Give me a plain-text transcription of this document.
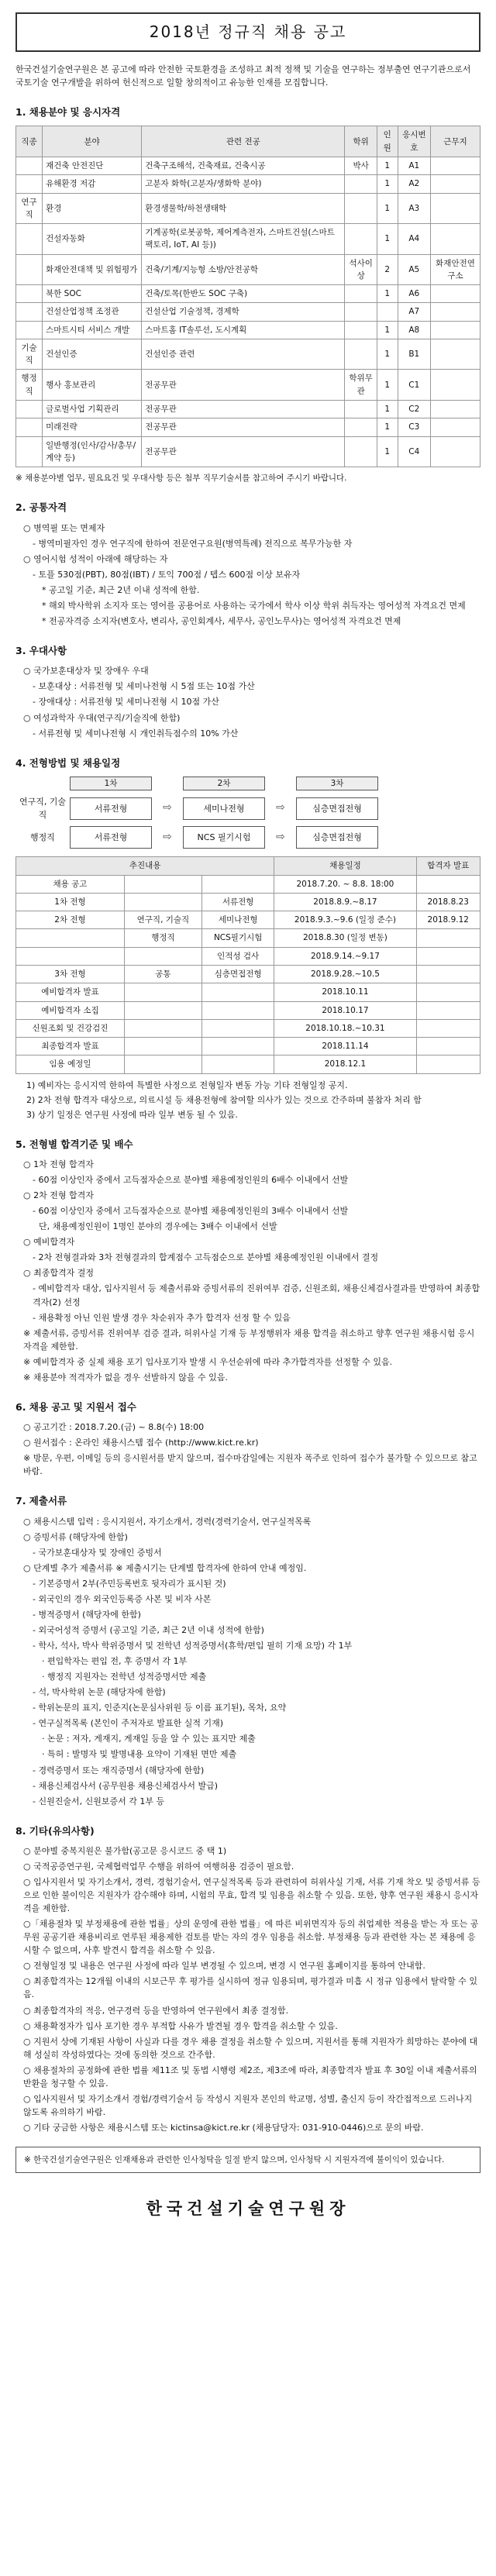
2018년 정규직 채용 공고

한국건설기술연구원은 본 공고에 따라 안전한 국토환경을 조성하고 최적 정책 및 기술을 연구하는 정부출연 연구기관으로서 국토기술 연구개발을 위하여 헌신적으로 일할 창의적이고 유능한 인재를 모집합니다.

1. 채용분야 및 응시자격
직종	분야	관련 전공	학위	인원	응시번호	근무지
	재건축 안전진단	건축구조해석, 건축재료, 건축시공	박사	1	A1	
	유해환경 저감	고분자 화학(고분자/생화학 분야)		1	A2	
연구직	환경	환경생물학/하천생태학		1	A3	
	건설자동화	기계공학(로봇공학, 제어계측전자, 스마트건설(스마트팩토리, IoT, AI 등))		1	A4	
	화재안전대책 및 위험평가	건축/기계/지능형 소방/안전공학	석사이상	2	A5	화재안전연구소
	북한 SOC	건축/토목(한반도 SOC 구축)		1	A6	
	건설산업정책 조정관	건설산업 기술정책, 경제학			A7	
	스마트시티 서비스 개발	스마트홈 IT솔루션, 도시계획		1	A8	
기술직	건설인증	건설인증 관련		1	B1	
행정직	행사 홍보관리	전공무관	학위무관	1	C1	
	글로벌사업 기획관리	전공무관		1	C2	
	미래전략	전공무관		1	C3	
	일반행정(인사/감사/총무/계약 등)	전공무관		1	C4	

※ 채용분야별 업무, 필요요건 및 우대사항 등은 첨부 직무기술서를 참고하여 주시기 바랍니다.

2. 공통자격
○ 병역필 또는 면제자
- 병역미필자인 경우 연구직에 한하여 전문연구요원(병역특례) 전직으로 복무가능한 자
○ 영어시험 성적이 아래에 해당하는 자
- 토플 530점(PBT), 80점(IBT) / 토익 700점 / 텝스 600점 이상 보유자
* 공고일 기준, 최근 2년 이내 성적에 한함.
* 해외 박사학위 소지자 또는 영어를 공용어로 사용하는 국가에서 학사 이상 학위 취득자는 영어성적 자격요건 면제
* 전공자격증 소지자(변호사, 변리사, 공인회계사, 세무사, 공인노무사)는 영어성적 자격요건 면제
3. 우대사항
○ 국가보훈대상자 및 장애우 우대
- 보훈대상 : 서류전형 및 세미나전형 시 5점 또는 10점 가산
- 장애대상 : 서류전형 및 세미나전형 시 10점 가산
○ 여성과학자 우대(연구직/기술직에 한함)
- 서류전형 및 세미나전형 시 개인취득점수의 10% 가산
4. 전형방법 및 채용일정
1차	2차	3차
연구직, 기술직
서류전형	⇨	세미나전형	⇨	심층면접전형
행정직	서류전형	⇨	NCS 필기시험	⇨	심층면접전형
추진내용			채용일정	합격자 발표
채용 공고			2018.7.20. ~ 8.8. 18:00	
1차 전형		서류전형	2018.8.9.~8.17	2018.8.23
2차 전형	연구직, 기술직	세미나전형	2018.9.3.~9.6 (일정 준수)	2018.9.12
	행정직	NCS필기시험	2018.8.30 (일정 변동)	
		인적성 검사	2018.9.14.~9.17	
3차 전형	공통	심층면접전형	2018.9.28.~10.5	
예비합격자 발표			2018.10.11	
예비합격자 소집			2018.10.17	
신원조회 및 건강검진			2018.10.18.~10.31	
최종합격자 발표			2018.11.14	
임용 예정일			2018.12.1	
1) 예비자는 응시지역 한하여 특별한 사정으로 전형일자 변동 가능 기타 전형일정 공지.
2) 2차 전형 합격자 대상으로, 의료시설 등 채용전형에 참여할 의사가 있는 것으로 간주하며 불참자 처리 함
3) 상기 일정은 연구원 사정에 따라 일부 변동 될 수 있음.
5. 전형별 합격기준 및 배수
○ 1차 전형 합격자
- 60점 이상인자 중에서 고득점자순으로 분야별 채용예정인원의 6배수 이내에서 선발
○ 2차 전형 합격자
- 60점 이상인자 중에서 고득점자순으로 분야별 채용예정인원의 3배수 이내에서 선발
단, 채용예정인원이 1명인 분야의 경우에는 3배수 이내에서 선발
○ 예비합격자
- 2차 전형결과와 3차 전형결과의 합계점수 고득점순으로 분야별 채용예정인원 이내에서 결정
○ 최종합격자 결정
- 예비합격자 대상, 입사지원서 등 제출서류와 증빙서류의 진위여부 검증, 신원조회, 채용신체검사결과를 반영하여 최종합격자(2) 선정
- 채용확정 아닌 인원 발생 경우 차순위자 추가 합격자 선정 할 수 있음
※ 제출서류, 증빙서류 진위여부 검증 결과, 허위사실 기재 등 부정행위자 채용 합격을 취소하고 향후 연구원 채용시험 응시자격을 제한함.
※ 예비합격자 중 실제 채용 포기 입사포기자 발생 시 우선순위에 따라 추가합격자를 선정할 수 있음.
※ 채용분야 적격자가 없을 경우 선발하지 않을 수 있음.
6. 채용 공고 및 지원서 접수
○ 공고기간 : 2018.7.20.(금) ~ 8.8(수) 18:00
○ 원서접수 : 온라인 채용시스템 접수 (http://www.kict.re.kr)
※ 방문, 우편, 이메일 등의 응시원서를 받지 않으며, 접수마감일에는 지원자 폭주로 인하여 접수가 불가할 수 있으므로 참고 바람.
7. 제출서류
○ 채용시스템 입력 : 응시지원서, 자기소개서, 경력(경력기술서, 연구실적목록
○ 증빙서류 (해당자에 한함)
- 국가보훈대상자 및 장애인 증빙서
○ 단계별 추가 제출서류 ※ 제출시기는 단계별 합격자에 한하여 안내 예정임.
- 기본증명서 2부(주민등록번호 뒷자리가 표시된 것)
- 외국인의 경우 외국인등록증 사본 및 비자 사본
- 병적증명서 (해당자에 한함)
- 외국어성적 증명서 (공고일 기준, 최근 2년 이내 성적에 한함)
- 학사, 석사, 박사 학위증명서 및 전학년 성적증명서(휴학/편입 필히 기재 요망) 각 1부
· 편입학자는 편입 전, 후 증명서 각 1부
· 행정직 지원자는 전학년 성적증명서만 제출
- 석, 박사학위 논문 (해당자에 한함)
- 학위논문의 표지, 인준지(논문심사위원 등 이름 표기된), 목차, 요약
- 연구실적목록 (본인이 주저자로 발표한 실적 기재)
· 논문 : 저자, 게재지, 게재일 등을 알 수 있는 표지만 제출
· 특허 : 발명자 및 발명내용 요약이 기재된 면만 제출
- 경력증명서 또는 재직증명서 (해당자에 한함)
- 채용신체검사서 (공무원용 채용신체검사서 발급)
- 신원진술서, 신원보증서 각 1부 등
8. 기타(유의사항)
○ 분야별 중복지원은 불가함(공고문 응시코드 중 택 1)
○ 국적공증연구원, 국제협력업무 수행을 위하여 여행허용 검증이 필요함.
○ 입사지원서 및 자기소개서, 경력, 경험기술서, 연구실적목록 등과 관련하여 허위사실 기재, 서류 기재 착오 및 증빙서류 등으로 인한 불이익은 지원자가 감수해야 하며, 시험의 무효, 합격 및 임용을 취소할 수 있음. 또한, 향후 연구원 채용시 응시자격을 제한함.
○「채용절차 및 부정채용에 관한 법률」상의 운영에 관한 법률」에 따른 비위면직자 등의 취업제한 적용을 받는 자 또는 공무원 공공기관 채용비리로 연루된 채용제한 검토를 받는 자의 경우 임용을 취소함. 부정채용 등과 관련한 자는 본 채용에 응시할 수 없으며, 사후 발견시 합격을 취소할 수 있음.
○ 전형일정 및 내용은 연구원 사정에 따라 일부 변경될 수 있으며, 변경 시 연구원 홈페이지를 통하여 안내함.
○ 최종합격자는 12개월 이내의 시보근무 후 평가를 실시하여 정규 임용되며, 평가결과 미흡 시 정규 임용에서 탈락할 수 있음.
○ 최종합격자의 적응, 연구경력 등을 반영하여 연구원에서 최종 결정함.
○ 채용확정자가 입사 포기한 경우 부적합 사유가 발견될 경우 합격을 취소할 수 있음.
○ 지원서 상에 기재된 사항이 사실과 다를 경우 채용 결정을 취소할 수 있으며, 지원서를 통해 지원자가 희망하는 분야에 대해 성실히 작성하였다는 것에 동의한 것으로 간주함.
○ 채용절차의 공정화에 관한 법률 제11조 및 동법 시행령 제2조, 제3조에 따라, 최종합격자 발표 후 30일 이내 제출서류의 반환을 청구할 수 있음.
○ 입사지원서 및 자기소개서 경험/경력기술서 등 작성시 지원자 본인의 학교명, 성별, 출신지 등이 작간접적으로 드러나지 않도록 유의하기 바람.
○ 기타 궁금한 사항은 채용시스템 또는 kictinsa@kict.re.kr (채용담당자: 031-910-0446)으로 문의 바람.
※ 한국건설기술연구원은 인재채용과 관련한 인사청탁을 일절 받지 않으며, 인사청탁 시 지원자격에 불이익이 있습니다.
한국건설기술연구원장
